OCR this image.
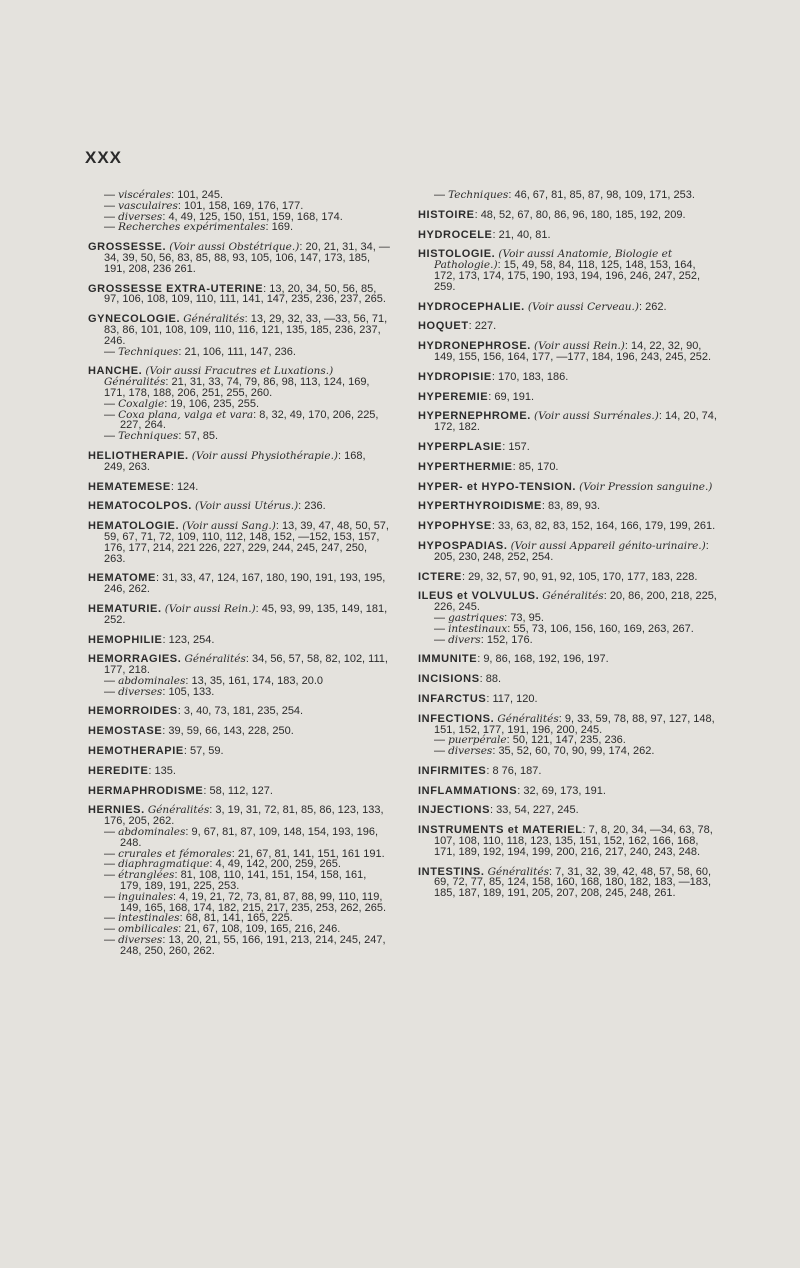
XXX
— viscérales: 101, 245.
— vasculaires: 101, 158, 169, 176, 177.
— diverses: 4, 49, 125, 150, 151, 159, 168, 174.
— Recherches expérimentales: 169.
GROSSESSE. (Voir aussi Obstétrique.): 20, 21, 31, 34, —34, 39, 50, 56, 83, 85, 88, 93, 105, 106, 147, 173, 185, 191, 208, 236 261.
GROSSESSE EXTRA-UTERINE: 13, 20, 34, 50, 56, 85, 97, 106, 108, 109, 110, 111, 141, 147, 235, 236, 237, 265.
GYNECOLOGIE. Généralités: 13, 29, 32, 33, —33, 56, 71, 83, 86, 101, 108, 109, 110, 116, 121, 135, 185, 236, 237, 246.
— Techniques: 21, 106, 111, 147, 236.
HANCHE. (Voir aussi Fracutres et Luxations.) Généralités: 21, 31, 33, 74, 79, 86, 98, 113, 124, 169, 171, 178, 188, 206, 251, 255, 260.
— Coxalgie: 19, 106, 235, 255.
— Coxa plana, valga et vara: 8, 32, 49, 170, 206, 225, 227, 264.
— Techniques: 57, 85.
HELIOTHERAPIE. (Voir aussi Physiothérapie.): 168, 249, 263.
HEMATEMESE: 124.
HEMATOCOLPOS. (Voir aussi Utérus.): 236.
HEMATOLOGIE. (Voir aussi Sang.): 13, 39, 47, 48, 50, 57, 59, 67, 71, 72, 109, 110, 112, 148, 152, —152, 153, 157, 176, 177, 214, 221 226, 227, 229, 244, 245, 247, 250, 263.
HEMATOME: 31, 33, 47, 124, 167, 180, 190, 191, 193, 195, 246, 262.
HEMATURIE. (Voir aussi Rein.): 45, 93, 99, 135, 149, 181, 252.
HEMOPHILIE: 123, 254.
HEMORRAGIES. Généralités: 34, 56, 57, 58, 82, 102, 111, 177, 218.
— abdominales: 13, 35, 161, 174, 183, 20.0
— diverses: 105, 133.
HEMORROIDES: 3, 40, 73, 181, 235, 254.
HEMOSTASE: 39, 59, 66, 143, 228, 250.
HEMOTHERAPIE: 57, 59.
HEREDITE: 135.
HERMAPHRODISME: 58, 112, 127.
HERNIES. Généralités: 3, 19, 31, 72, 81, 85, 86, 123, 133, 176, 205, 262.
— abdominales: 9, 67, 81, 87, 109, 148, 154, 193, 196, 248.
— crurales et fémorales: 21, 67, 81, 141, 151, 161 191.
— diaphragmatique: 4, 49, 142, 200, 259, 265.
— étranglées: 81, 108, 110, 141, 151, 154, 158, 161, 179, 189, 191, 225, 253.
— inguinales: 4, 19, 21, 72, 73, 81, 87, 88, 99, 110, 119, 149, 165, 168, 174, 182, 215, 217, 235, 253, 262, 265.
— intestinales: 68, 81, 141, 165, 225.
— ombilicales: 21, 67, 108, 109, 165, 216, 246.
— diverses: 13, 20, 21, 55, 166, 191, 213, 214, 245, 247, 248, 250, 260, 262.
— Techniques: 46, 67, 81, 85, 87, 98, 109, 171, 253.
HISTOIRE: 48, 52, 67, 80, 86, 96, 180, 185, 192, 209.
HYDROCELE: 21, 40, 81.
HISTOLOGIE. (Voir aussi Anatomie, Biologie et Pathologie.): 15, 49, 58, 84, 118, 125, 148, 153, 164, 172, 173, 174, 175, 190, 193, 194, 196, 246, 247, 252, 259.
HYDROCEPHALIE. (Voir aussi Cerveau.): 262.
HOQUET: 227.
HYDRONEPHROSE. (Voir aussi Rein.): 14, 22, 32, 90, 149, 155, 156, 164, 177, —177, 184, 196, 243, 245, 252.
HYDROPISIE: 170, 183, 186.
HYPEREMIE: 69, 191.
HYPERNEPHROME. (Voir aussi Surrénales.): 14, 20, 74, 172, 182.
HYPERPLASIE: 157.
HYPERTHERMIE: 85, 170.
HYPER- et HYPO-TENSION. (Voir Pression sanguine.)
HYPERTHYROIDISME: 83, 89, 93.
HYPOPHYSE: 33, 63, 82, 83, 152, 164, 166, 179, 199, 261.
HYPOSPADIAS. (Voir aussi Appareil génito-urinaire.): 205, 230, 248, 252, 254.
ICTERE: 29, 32, 57, 90, 91, 92, 105, 170, 177, 183, 228.
ILEUS et VOLVULUS. Généralités: 20, 86, 200, 218, 225, 226, 245.
— gastriques: 73, 95.
— intestinaux: 55, 73, 106, 156, 160, 169, 263, 267.
— divers: 152, 176.
IMMUNITE: 9, 86, 168, 192, 196, 197.
INCISIONS: 88.
INFARCTUS: 117, 120.
INFECTIONS. Généralités: 9, 33, 59, 78, 88, 97, 127, 148, 151, 152, 177, 191, 196, 200, 245.
— puerpérale: 50, 121, 147, 235, 236.
— diverses: 35, 52, 60, 70, 90, 99, 174, 262.
INFIRMITES: 8 76, 187.
INFLAMMATIONS: 32, 69, 173, 191.
INJECTIONS: 33, 54, 227, 245.
INSTRUMENTS et MATERIEL: 7, 8, 20, 34, —34, 63, 78, 107, 108, 110, 118, 123, 135, 151, 152, 162, 166, 168, 171, 189, 192, 194, 199, 200, 216, 217, 240, 243, 248.
INTESTINS. Généralités: 7, 31, 32, 39, 42, 48, 57, 58, 60, 69, 72, 77, 85, 124, 158, 160, 168, 180, 182, 183, —183, 185, 187, 189, 191, 205, 207, 208, 245, 248, 261.
